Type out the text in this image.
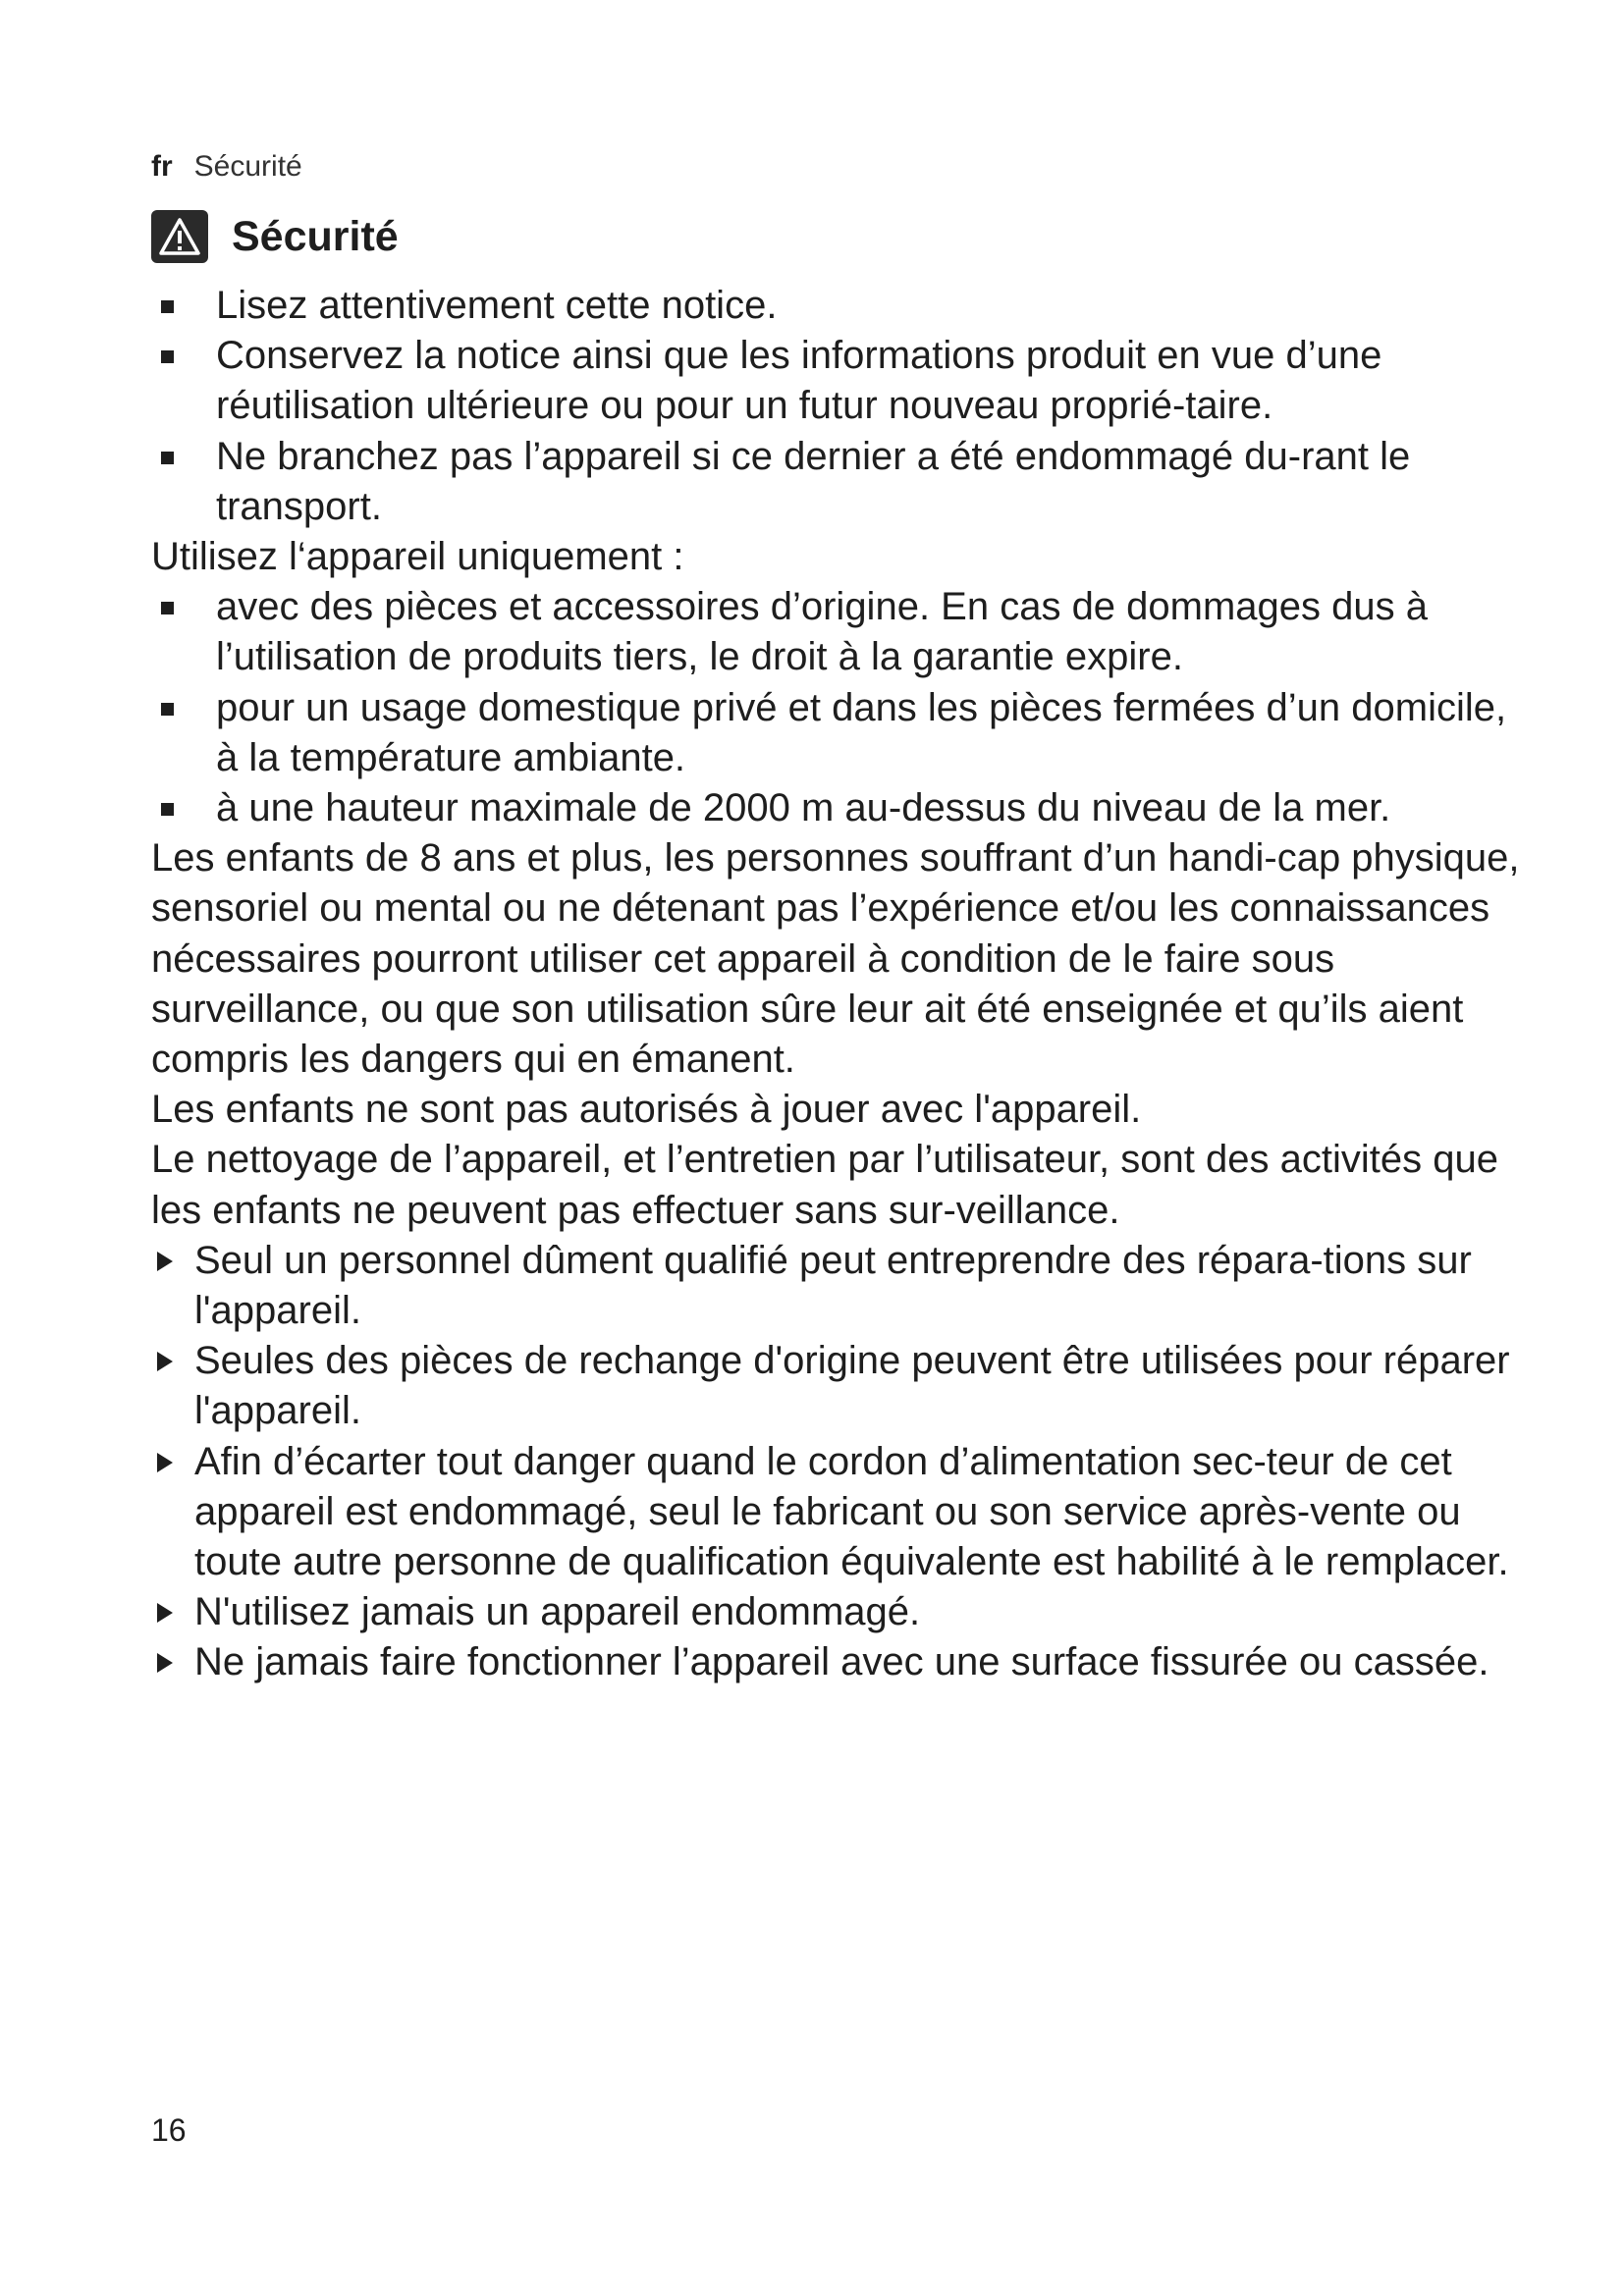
fr Sécurité
Sécurité

Lisez attentivement cette notice.

Conservez la notice ainsi que les informations produit en vue d’une réutilisation ultérieure ou pour un futur nouveau proprié-taire.

Ne branchez pas l’appareil si ce dernier a été endommagé du-rant le transport.

Utilisez l‘appareil uniquement :

avec des pièces et accessoires d’origine. En cas de dommages dus à l’utilisation de produits tiers, le droit à la garantie expire.

pour un usage domestique privé et dans les pièces fermées d’un domicile, à la température ambiante.

à une hauteur maximale de 2000 m au-dessus du niveau de la mer.

Les enfants de 8 ans et plus, les personnes souffrant d’un handi-cap physique, sensoriel ou mental ou ne détenant pas l’expérience et/ou les connaissances nécessaires pourront utiliser cet appareil à condition de le faire sous surveillance, ou que son utilisation sûre leur ait été enseignée et qu’ils aient compris les dangers qui en émanent.

Les enfants ne sont pas autorisés à jouer avec l'appareil.

Le nettoyage de l’appareil, et l’entretien par l’utilisateur, sont des activités que les enfants ne peuvent pas effectuer sans sur-veillance.

Seul un personnel dûment qualifié peut entreprendre des répara-tions sur l'appareil.

Seules des pièces de rechange d'origine peuvent être utilisées pour réparer l'appareil.

Afin d’écarter tout danger quand le cordon d’alimentation sec-teur de cet appareil est endommagé, seul le fabricant ou son service après-vente ou toute autre personne de qualification équivalente est habilité à le remplacer.

N'utilisez jamais un appareil endommagé.

Ne jamais faire fonctionner l’appareil avec une surface fissurée ou cassée.

16
